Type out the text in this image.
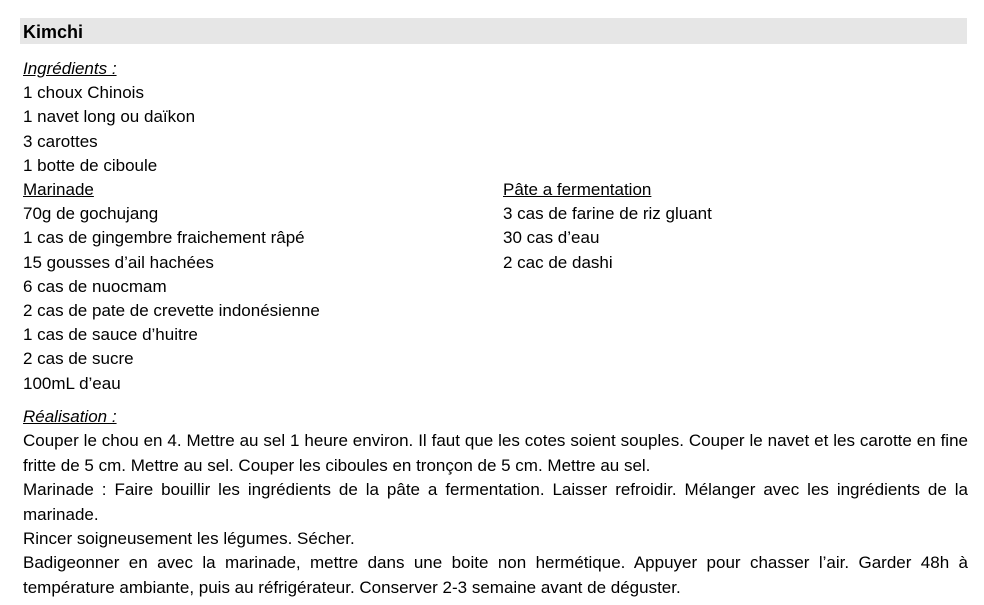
Kimchi
Ingrédients :
1 choux Chinois
1 navet long ou daïkon
3 carottes
1 botte de ciboule
Marinade
70g de gochujang
1 cas de gingembre fraichement râpé
15 gousses d’ail hachées
6 cas de nuocmam
2 cas de pate de crevette indonésienne
1 cas de sauce d’huitre
2 cas de sucre
100mL d’eau
Pâte a fermentation
3 cas de farine de riz gluant
30 cas d’eau
2 cac de dashi
Réalisation :

Couper le chou en 4. Mettre au sel 1 heure environ. Il faut que les cotes soient souples. Couper le navet et les carotte en fine fritte de 5 cm. Mettre au sel. Couper les ciboules en tronçon de 5 cm. Mettre au sel.

Marinade : Faire bouillir les ingrédients de la pâte a fermentation. Laisser refroidir. Mélanger avec les ingrédients de la marinade.

Rincer soigneusement les légumes. Sécher.

Badigeonner en avec la marinade, mettre dans une boite non hermétique. Appuyer pour chasser l’air. Garder 48h à température ambiante, puis au réfrigérateur. Conserver 2-3 semaine avant de déguster.
